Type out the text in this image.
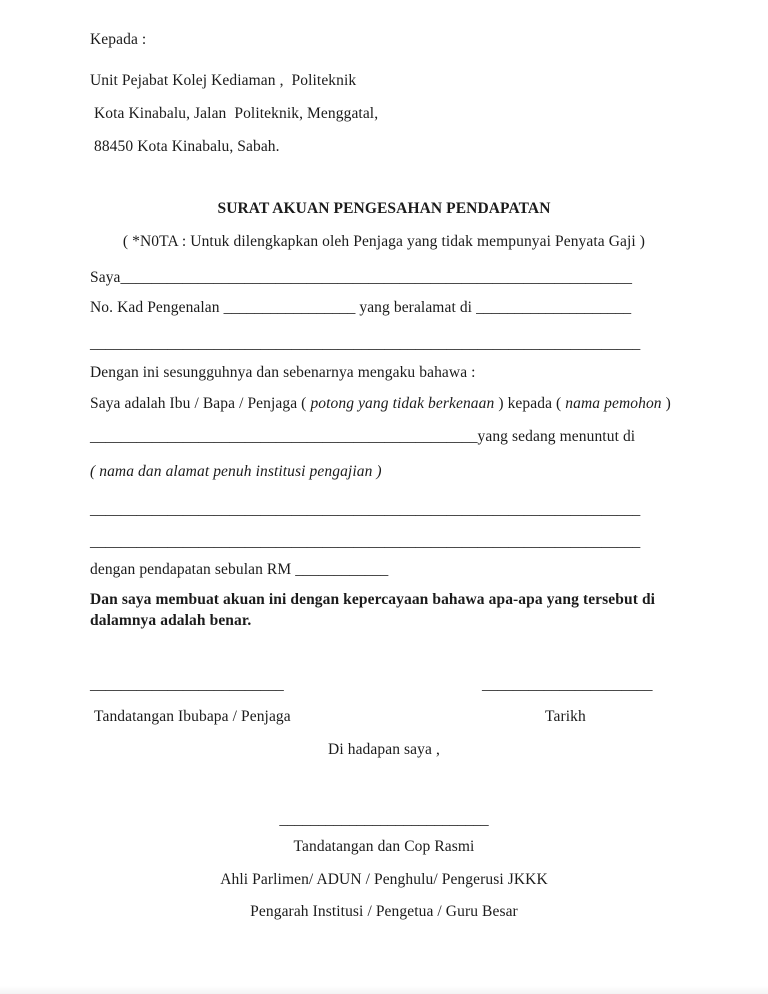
Kepada :
Unit Pejabat Kolej Kediaman ,  Politeknik
Kota Kinabalu, Jalan  Politeknik, Menggatal,
88450 Kota Kinabalu, Sabah.
SURAT AKUAN PENGESAHAN PENDAPATAN
( *N0TA : Untuk dilengkapkan oleh Penjaga yang tidak mempunyai Penyata Gaji )
Saya__________________________________________________________________
No. Kad Pengenalan _________________ yang beralamat di ____________________
_______________________________________________________________________
Dengan ini sesungguhnya dan sebenarnya mengaku bahawa :
Saya adalah Ibu / Bapa / Penjaga ( potong yang tidak berkenaan ) kepada ( nama pemohon )
__________________________________________________yang sedang menuntut di
( nama dan alamat penuh institusi pengajian )
_______________________________________________________________________
_______________________________________________________________________
dengan pendapatan sebulan RM ____________
Dan saya membuat akuan ini dengan kepercayaan bahawa apa-apa yang tersebut di
dalamnya adalah benar.
_________________________	______________________
Tandatangan Ibubapa / Penjaga	Tarikh
Di hadapan saya ,
___________________________
Tandatangan dan Cop Rasmi
Ahli Parlimen/ ADUN / Penghulu/ Pengerusi JKKK
Pengarah Institusi / Pengetua / Guru Besar
